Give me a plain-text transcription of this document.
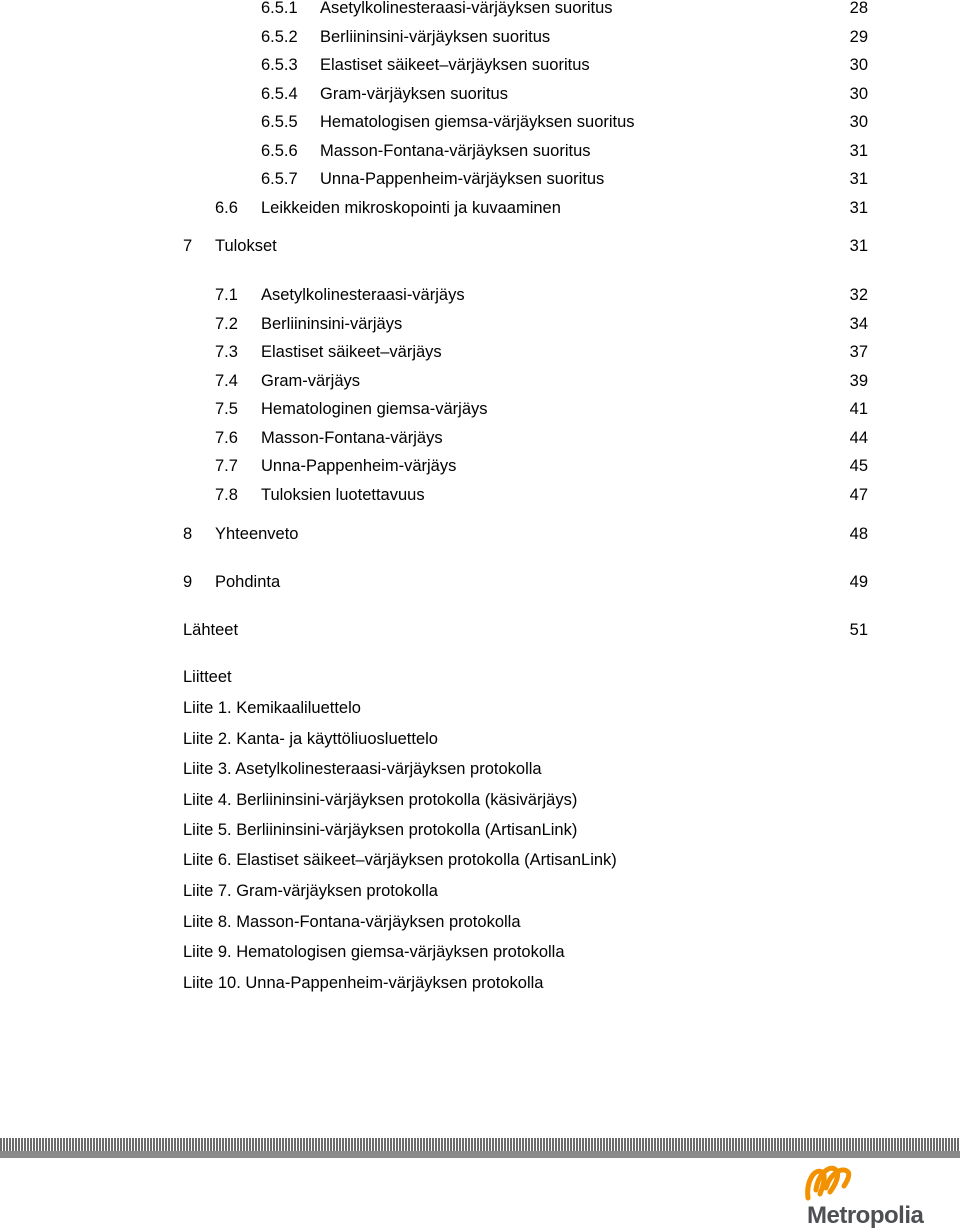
6.5.1 Asetylkolinesteraasi-värjäyksen suoritus	28
6.5.2 Berliininsini-värjäyksen suoritus	29
6.5.3 Elastiset säikeet–värjäyksen suoritus	30
6.5.4 Gram-värjäyksen suoritus	30
6.5.5 Hematologisen giemsa-värjäyksen suoritus	30
6.5.6 Masson-Fontana-värjäyksen suoritus	31
6.5.7 Unna-Pappenheim-värjäyksen suoritus	31
6.6 Leikkeiden mikroskopointi ja kuvaaminen	31
7 Tulokset	31
7.1 Asetylkolinesteraasi-värjäys	32
7.2 Berliininsini-värjäys	34
7.3 Elastiset säikeet–värjäys	37
7.4 Gram-värjäys	39
7.5 Hematologinen giemsa-värjäys	41
7.6 Masson-Fontana-värjäys	44
7.7 Unna-Pappenheim-värjäys	45
7.8 Tuloksien luotettavuus	47
8 Yhteenveto	48
9 Pohdinta	49
Lähteet	51
Liitteet
Liite 1. Kemikaaliluettelo
Liite 2. Kanta- ja käyttöliuosluettelo
Liite 3. Asetylkolinesteraasi-värjäyksen protokolla
Liite 4. Berliininsini-värjäyksen protokolla (käsivärjäys)
Liite 5. Berliininsini-värjäyksen protokolla (ArtisanLink)
Liite 6. Elastiset säikeet–värjäyksen protokolla (ArtisanLink)
Liite 7. Gram-värjäyksen protokolla
Liite 8. Masson-Fontana-värjäyksen protokolla
Liite 9. Hematologisen giemsa-värjäyksen protokolla
Liite 10. Unna-Pappenheim-värjäyksen protokolla
Metropolia
